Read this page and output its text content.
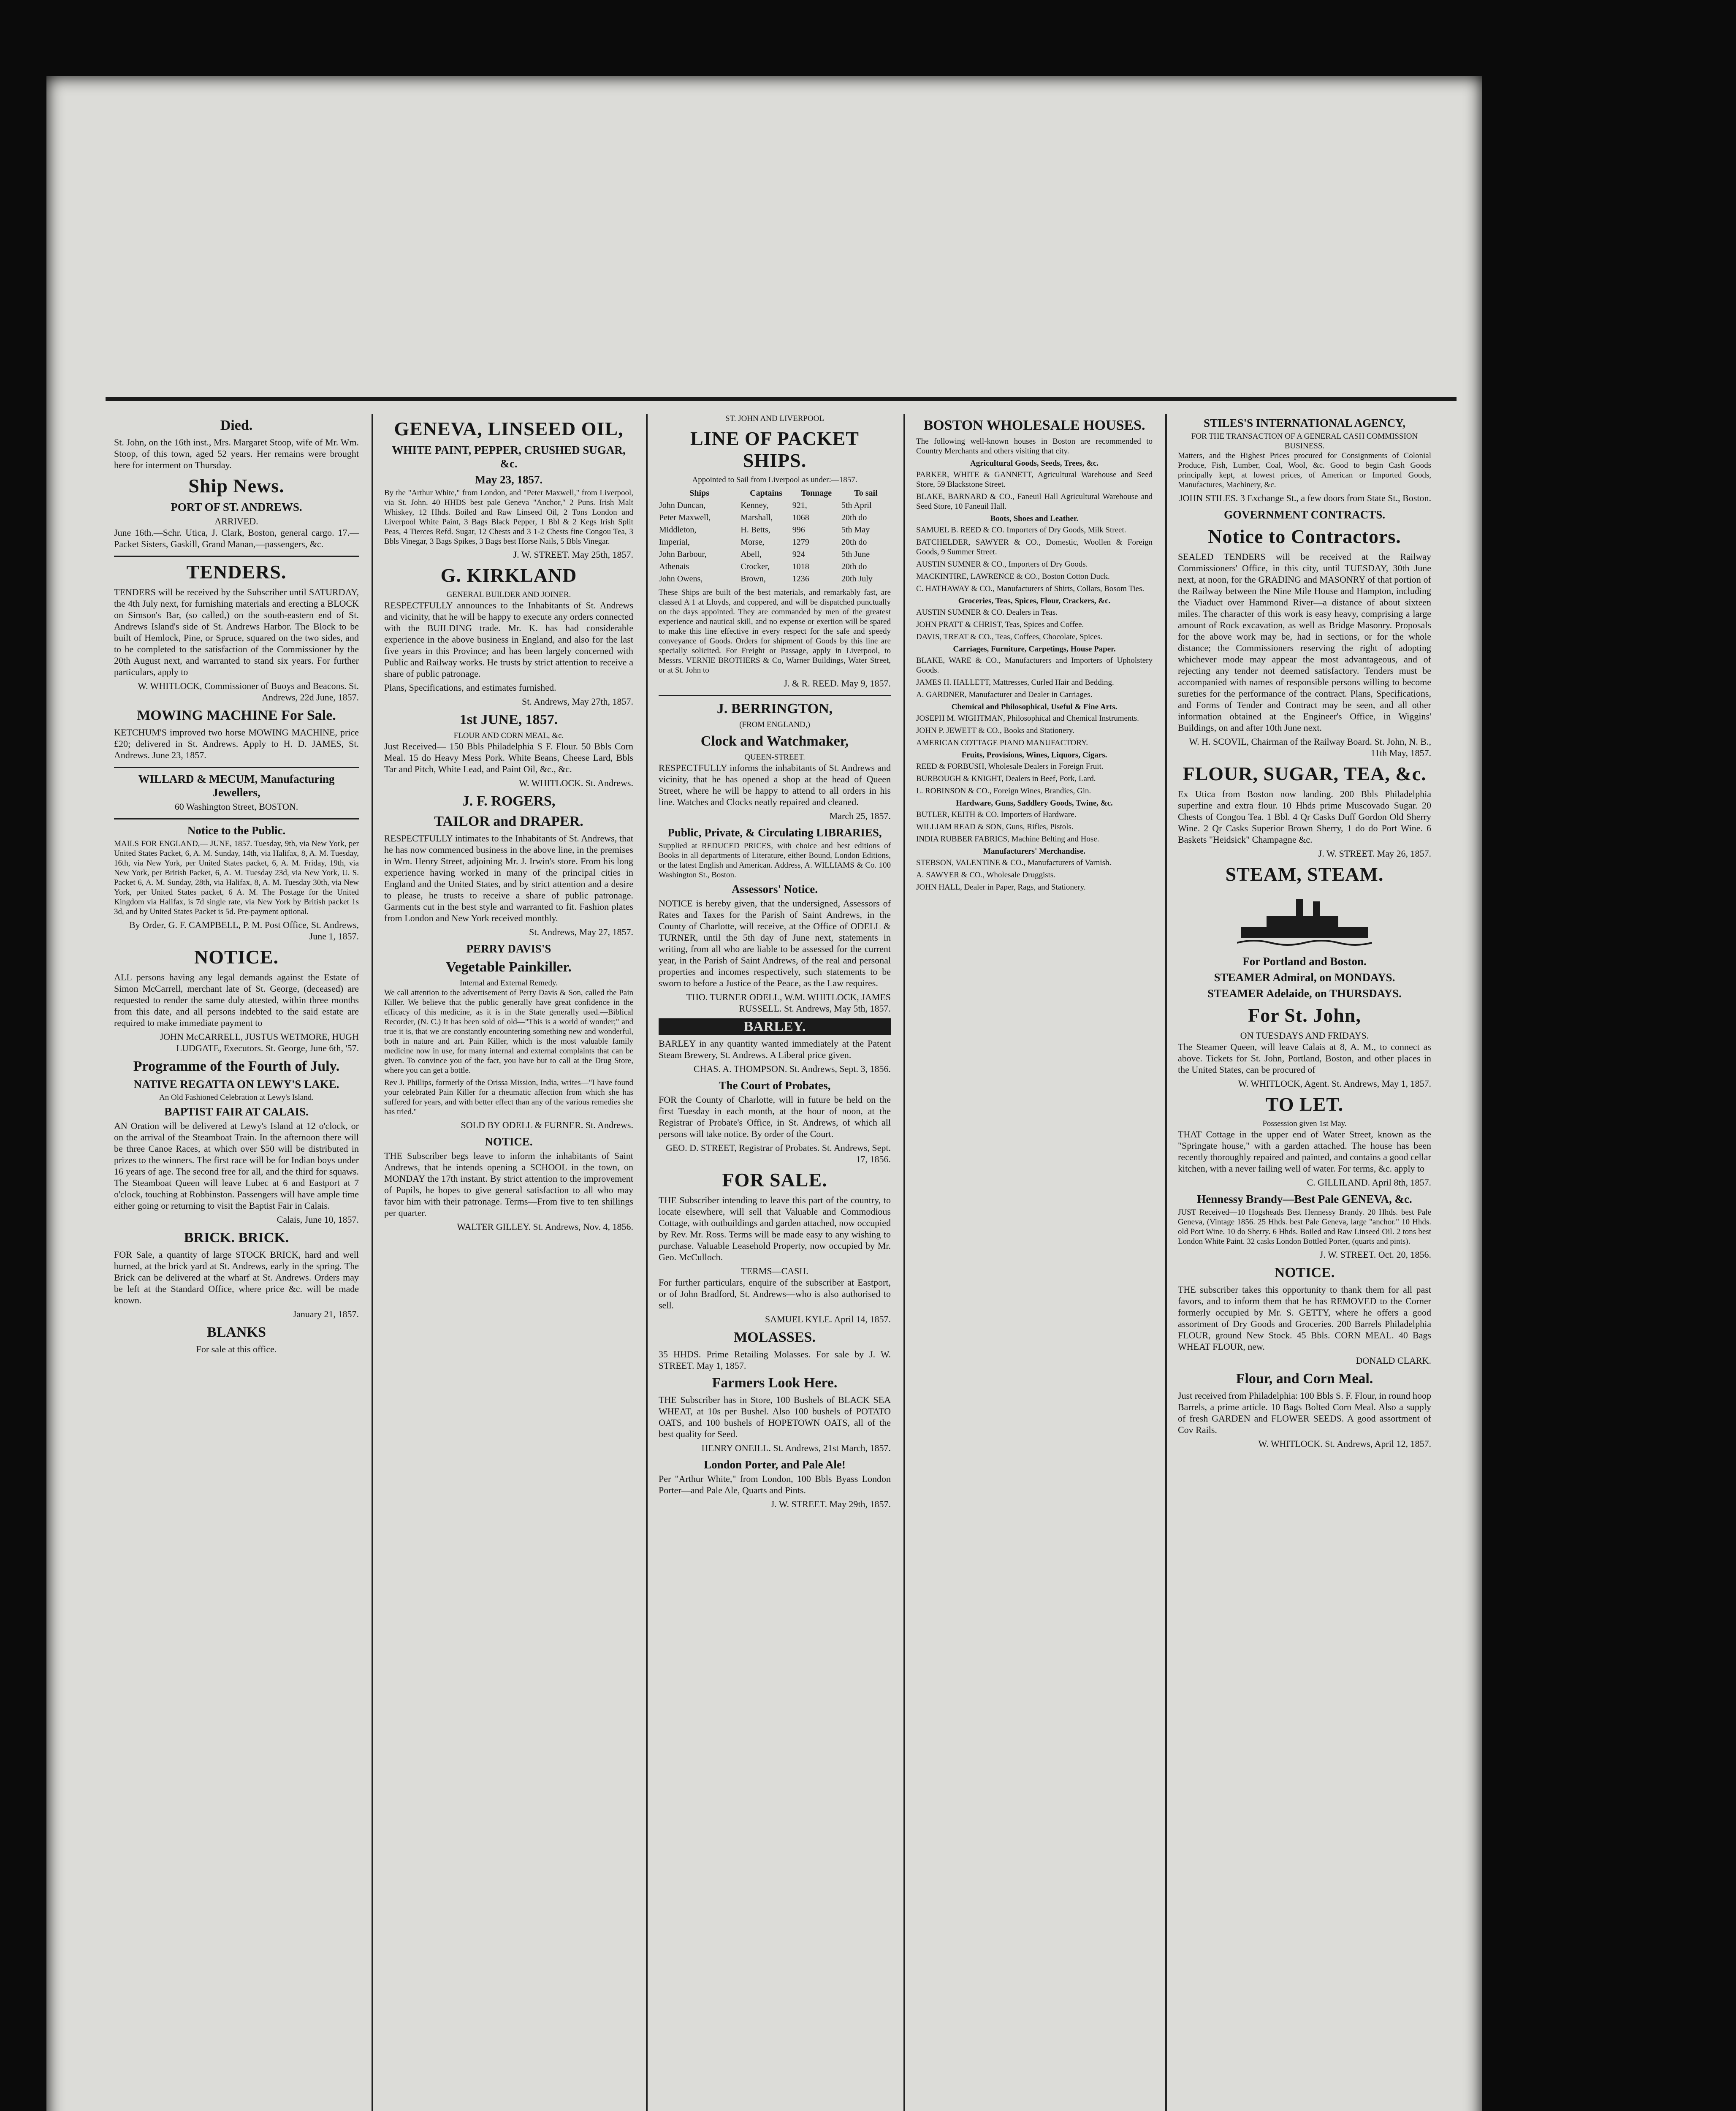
Died.

St. John, on the 16th inst., Mrs. Margaret Stoop, wife of Mr. Wm. Stoop, of this town, aged 52 years. Her remains were brought here for interment on Thursday.

Ship News.
PORT OF ST. ANDREWS.
ARRIVED.

June 16th.—Schr. Utica, J. Clark, Boston, general cargo. 17.—Packet Sisters, Gaskill, Grand Manan,—passengers, &c.

TENDERS.

TENDERS will be received by the Subscriber until SATURDAY, the 4th July next, for furnishing materials and erecting a BLOCK on Simson's Bar, (so called,) on the south-eastern end of St. Andrews Island's side of St. Andrews Harbor. The Block to be built of Hemlock, Pine, or Spruce, squared on the two sides, and to be completed to the satisfaction of the Commissioner by the 20th August next, and warranted to stand six years. For further particulars, apply to

W. WHITLOCK, Commissioner of Buoys and Beacons. St. Andrews, 22d June, 1857.
MOWING MACHINE For Sale.

KETCHUM'S improved two horse MOWING MACHINE, price £20; delivered in St. Andrews. Apply to H. D. JAMES, St. Andrews. June 23, 1857.

WILLARD & MECUM, Manufacturing Jewellers,
60 Washington Street, BOSTON.
Notice to the Public.

MAILS FOR ENGLAND,— JUNE, 1857. Tuesday, 9th, via New York, per United States Packet, 6, A. M. Sunday, 14th, via Halifax, 8, A. M. Tuesday, 16th, via New York, per United States packet, 6, A. M. Friday, 19th, via New York, per British Packet, 6, A. M. Tuesday 23d, via New York, U. S. Packet 6, A. M. Sunday, 28th, via Halifax, 8, A. M. Tuesday 30th, via New York, per United States packet, 6 A. M. The Postage for the United Kingdom via Halifax, is 7d single rate, via New York by British packet 1s 3d, and by United States Packet is 5d. Pre-payment optional.

By Order, G. F. CAMPBELL, P. M. Post Office, St. Andrews, June 1, 1857.
NOTICE.

ALL persons having any legal demands against the Estate of Simon McCarrell, merchant late of St. George, (deceased) are requested to render the same duly attested, within three months from this date, and all persons indebted to the said estate are required to make immediate payment to

JOHN McCARRELL, JUSTUS WETMORE, HUGH LUDGATE, Executors. St. George, June 6th, '57.
Programme of the Fourth of July.
NATIVE REGATTA ON LEWY'S LAKE.
An Old Fashioned Celebration at Lewy's Island.
BAPTIST FAIR AT CALAIS.

AN Oration will be delivered at Lewy's Island at 12 o'clock, or on the arrival of the Steamboat Train. In the afternoon there will be three Canoe Races, at which over $50 will be distributed in prizes to the winners. The first race will be for Indian boys under 16 years of age. The second free for all, and the third for squaws. The Steamboat Queen will leave Lubec at 6 and Eastport at 7 o'clock, touching at Robbinston. Passengers will have ample time either going or returning to visit the Baptist Fair in Calais.

Calais, June 10, 1857.
BRICK. BRICK.

FOR Sale, a quantity of large STOCK BRICK, hard and well burned, at the brick yard at St. Andrews, early in the spring. The Brick can be delivered at the wharf at St. Andrews. Orders may be left at the Standard Office, where price &c. will be made known.

January 21, 1857.
BLANKS
For sale at this office.
GENEVA, LINSEED OIL,
WHITE PAINT, PEPPER, CRUSHED SUGAR, &c.
May 23, 1857.

By the "Arthur White," from London, and "Peter Maxwell," from Liverpool, via St. John. 40 HHDS best pale Geneva "Anchor," 2 Puns. Irish Malt Whiskey, 12 Hhds. Boiled and Raw Linseed Oil, 2 Tons London and Liverpool White Paint, 3 Bags Black Pepper, 1 Bbl & 2 Kegs Irish Split Peas, 4 Tierces Refd. Sugar, 12 Chests and 3 1-2 Chests fine Congou Tea, 3 Bbls Vinegar, 3 Bags Spikes, 3 Bags best Horse Nails, 5 Bbls Vinegar.

J. W. STREET. May 25th, 1857.
G. KIRKLAND
GENERAL BUILDER AND JOINER.

RESPECTFULLY announces to the Inhabitants of St. Andrews and vicinity, that he will be happy to execute any orders connected with the BUILDING trade. Mr. K. has had considerable experience in the above business in England, and also for the last five years in this Province; and has been largely concerned with Public and Railway works. He trusts by strict attention to receive a share of public patronage.

Plans, Specifications, and estimates furnished.

St. Andrews, May 27th, 1857.
1st JUNE, 1857.
FLOUR AND CORN MEAL, &c.

Just Received— 150 Bbls Philadelphia S F. Flour. 50 Bbls Corn Meal. 15 do Heavy Mess Pork. White Beans, Cheese Lard, Bbls Tar and Pitch, White Lead, and Paint Oil, &c., &c.

W. WHITLOCK. St. Andrews.
J. F. ROGERS,
TAILOR and DRAPER.

RESPECTFULLY intimates to the Inhabitants of St. Andrews, that he has now commenced business in the above line, in the premises in Wm. Henry Street, adjoining Mr. J. Irwin's store. From his long experience having worked in many of the principal cities in England and the United States, and by strict attention and a desire to please, he trusts to receive a share of public patronage. Garments cut in the best style and warranted to fit. Fashion plates from London and New York received monthly.

St. Andrews, May 27, 1857.
PERRY DAVIS'S
Vegetable Painkiller.
Internal and External Remedy.

We call attention to the advertisement of Perry Davis & Son, called the Pain Killer. We believe that the public generally have great confidence in the efficacy of this medicine, as it is in the State generally used.—Biblical Recorder, (N. C.) It has been sold of old—"This is a world of wonder;" and true it is, that we are constantly encountering something new and wonderful, both in nature and art. Pain Killer, which is the most valuable family medicine now in use, for many internal and external complaints that can be given. To convince you of the fact, you have but to call at the Drug Store, where you can get a bottle.

Rev J. Phillips, formerly of the Orissa Mission, India, writes—"I have found your celebrated Pain Killer for a rheumatic affection from which she has suffered for years, and with better effect than any of the various remedies she has tried."

SOLD BY ODELL & FURNER. St. Andrews.
NOTICE.

THE Subscriber begs leave to inform the inhabitants of Saint Andrews, that he intends opening a SCHOOL in the town, on MONDAY the 17th instant. By strict attention to the improvement of Pupils, he hopes to give general satisfaction to all who may favor him with their patronage. Terms—From five to ten shillings per quarter.

WALTER GILLEY. St. Andrews, Nov. 4, 1856.
ST. JOHN AND LIVERPOOL
LINE OF PACKET SHIPS.
Appointed to Sail from Liverpool as under:—1857.
Ships	Captains	Tonnage	To sail
John Duncan,	Kenney,	921,	5th April
Peter Maxwell,	Marshall,	1068	20th do
Middleton,	H. Betts,	996	5th May
Imperial,	Morse,	1279	20th do
John Barbour,	Abell,	924	5th June
Athenais	Crocker,	1018	20th do
John Owens,	Brown,	1236	20th July

These Ships are built of the best materials, and remarkably fast, are classed A 1 at Lloyds, and coppered, and will be dispatched punctually on the days appointed. They are commanded by men of the greatest experience and nautical skill, and no expense or exertion will be spared to make this line effective in every respect for the safe and speedy conveyance of Goods. Orders for shipment of Goods by this line are specially solicited. For Freight or Passage, apply in Liverpool, to Messrs. VERNIE BROTHERS & Co, Warner Buildings, Water Street, or at St. John to

J. & R. REED. May 9, 1857.
J. BERRINGTON,
(FROM ENGLAND,)
Clock and Watchmaker,
QUEEN-STREET.

RESPECTFULLY informs the inhabitants of St. Andrews and vicinity, that he has opened a shop at the head of Queen Street, where he will be happy to attend to all orders in his line. Watches and Clocks neatly repaired and cleaned.

March 25, 1857.
Public, Private, & Circulating LIBRARIES,

Supplied at REDUCED PRICES, with choice and best editions of Books in all departments of Literature, either Bound, London Editions, or the latest English and American. Address, A. WILLIAMS & Co. 100 Washington St., Boston.

Assessors' Notice.

NOTICE is hereby given, that the undersigned, Assessors of Rates and Taxes for the Parish of Saint Andrews, in the County of Charlotte, will receive, at the Office of ODELL & TURNER, until the 5th day of June next, statements in writing, from all who are liable to be assessed for the current year, in the Parish of Saint Andrews, of the real and personal properties and incomes respectively, such statements to be sworn to before a Justice of the Peace, as the Law requires.

THO. TURNER ODELL, W.M. WHITLOCK, JAMES RUSSELL. St. Andrews, May 5th, 1857.
BARLEY.

BARLEY in any quantity wanted immediately at the Patent Steam Brewery, St. Andrews. A Liberal price given.

CHAS. A. THOMPSON. St. Andrews, Sept. 3, 1856.
The Court of Probates,

FOR the County of Charlotte, will in future be held on the first Tuesday in each month, at the hour of noon, at the Registrar of Probate's Office, in St. Andrews, of which all persons will take notice. By order of the Court.

GEO. D. STREET, Registrar of Probates. St. Andrews, Sept. 17, 1856.
FOR SALE.

THE Subscriber intending to leave this part of the country, to locate elsewhere, will sell that Valuable and Commodious Cottage, with outbuildings and garden attached, now occupied by Rev. Mr. Ross. Terms will be made easy to any wishing to purchase. Valuable Leasehold Property, now occupied by Mr. Geo. McCulloch.

TERMS—CASH.

For further particulars, enquire of the subscriber at Eastport, or of John Bradford, St. Andrews—who is also authorised to sell.

SAMUEL KYLE. April 14, 1857.
MOLASSES.

35 HHDS. Prime Retailing Molasses. For sale by J. W. STREET. May 1, 1857.

Farmers Look Here.

THE Subscriber has in Store, 100 Bushels of BLACK SEA WHEAT, at 10s per Bushel. Also 100 bushels of POTATO OATS, and 100 bushels of HOPETOWN OATS, all of the best quality for Seed.

HENRY ONEILL. St. Andrews, 21st March, 1857.
London Porter, and Pale Ale!

Per "Arthur White," from London, 100 Bbls Byass London Porter—and Pale Ale, Quarts and Pints.

J. W. STREET. May 29th, 1857.
BOSTON WHOLESALE HOUSES.

The following well-known houses in Boston are recommended to Country Merchants and others visiting that city.

Agricultural Goods, Seeds, Trees, &c.

PARKER, WHITE & GANNETT, Agricultural Warehouse and Seed Store, 59 Blackstone Street.

BLAKE, BARNARD & CO., Faneuil Hall Agricultural Warehouse and Seed Store, 10 Faneuil Hall.

Boots, Shoes and Leather.

SAMUEL B. REED & CO. Importers of Dry Goods, Milk Street.

BATCHELDER, SAWYER & CO., Domestic, Woollen & Foreign Goods, 9 Summer Street.

AUSTIN SUMNER & CO., Importers of Dry Goods.

MACKINTIRE, LAWRENCE & CO., Boston Cotton Duck.

C. HATHAWAY & CO., Manufacturers of Shirts, Collars, Bosom Ties.

Groceries, Teas, Spices, Flour, Crackers, &c.

AUSTIN SUMNER & CO. Dealers in Teas.

JOHN PRATT & CHRIST, Teas, Spices and Coffee.

DAVIS, TREAT & CO., Teas, Coffees, Chocolate, Spices.

Carriages, Furniture, Carpetings, House Paper.

BLAKE, WARE & CO., Manufacturers and Importers of Upholstery Goods.

JAMES H. HALLETT, Mattresses, Curled Hair and Bedding.

A. GARDNER, Manufacturer and Dealer in Carriages.

Chemical and Philosophical, Useful & Fine Arts.

JOSEPH M. WIGHTMAN, Philosophical and Chemical Instruments.

JOHN P. JEWETT & CO., Books and Stationery.

AMERICAN COTTAGE PIANO MANUFACTORY.

Fruits, Provisions, Wines, Liquors, Cigars.

REED & FORBUSH, Wholesale Dealers in Foreign Fruit.

BURBOUGH & KNIGHT, Dealers in Beef, Pork, Lard.

L. ROBINSON & CO., Foreign Wines, Brandies, Gin.

Hardware, Guns, Saddlery Goods, Twine, &c.

BUTLER, KEITH & CO. Importers of Hardware.

WILLIAM READ & SON, Guns, Rifles, Pistols.

INDIA RUBBER FABRICS, Machine Belting and Hose.

Manufacturers' Merchandise.

STEBSON, VALENTINE & CO., Manufacturers of Varnish.

A. SAWYER & CO., Wholesale Druggists.

JOHN HALL, Dealer in Paper, Rags, and Stationery.

STILES'S INTERNATIONAL AGENCY,
FOR THE TRANSACTION OF A GENERAL CASH COMMISSION BUSINESS.

Matters, and the Highest Prices procured for Consignments of Colonial Produce, Fish, Lumber, Coal, Wool, &c. Good to begin Cash Goods principally kept, at lowest prices, of American or Imported Goods, Manufactures, Machinery, &c.

JOHN STILES. 3 Exchange St., a few doors from State St., Boston.
GOVERNMENT CONTRACTS.
Notice to Contractors.

SEALED TENDERS will be received at the Railway Commissioners' Office, in this city, until TUESDAY, 30th June next, at noon, for the GRADING and MASONRY of that portion of the Railway between the Nine Mile House and Hampton, including the Viaduct over Hammond River—a distance of about sixteen miles. The character of this work is easy heavy, comprising a large amount of Rock excavation, as well as Bridge Masonry. Proposals for the above work may be, had in sections, or for the whole distance; the Commissioners reserving the right of adopting whichever mode may appear the most advantageous, and of rejecting any tender not deemed satisfactory. Tenders must be accompanied with names of responsible persons willing to become sureties for the performance of the contract. Plans, Specifications, and Forms of Tender and Contract may be seen, and all other information obtained at the Engineer's Office, in Wiggins' Buildings, on and after 10th June next.

W. H. SCOVIL, Chairman of the Railway Board. St. John, N. B., 11th May, 1857.
FLOUR, SUGAR, TEA, &c.

Ex Utica from Boston now landing. 200 Bbls Philadelphia superfine and extra flour. 10 Hhds prime Muscovado Sugar. 20 Chests of Congou Tea. 1 Bbl. 4 Qr Casks Duff Gordon Old Sherry Wine. 2 Qr Casks Superior Brown Sherry, 1 do do Port Wine. 6 Baskets "Heidsick" Champagne &c.

J. W. STREET. May 26, 1857.
STEAM, STEAM.
For Portland and Boston.
STEAMER Admiral, on MONDAYS.
STEAMER Adelaide, on THURSDAYS.
For St. John,
ON TUESDAYS AND FRIDAYS.

The Steamer Queen, will leave Calais at 8, A. M., to connect as above. Tickets for St. John, Portland, Boston, and other places in the United States, can be procured of

W. WHITLOCK, Agent. St. Andrews, May 1, 1857.
TO LET.
Possession given 1st May.

THAT Cottage in the upper end of Water Street, known as the "Springate house," with a garden attached. The house has been recently thoroughly repaired and painted, and contains a good cellar kitchen, with a never failing well of water. For terms, &c. apply to

C. GILLILAND. April 8th, 1857.
Hennessy Brandy—Best Pale GENEVA, &c.

JUST Received—10 Hogsheads Best Hennessy Brandy. 20 Hhds. best Pale Geneva, (Vintage 1856. 25 Hhds. best Pale Geneva, large "anchor." 10 Hhds. old Port Wine. 10 do Sherry. 6 Hhds. Boiled and Raw Linseed Oil. 2 tons best London White Paint. 32 casks London Bottled Porter, (quarts and pints).

J. W. STREET. Oct. 20, 1856.
NOTICE.

THE subscriber takes this opportunity to thank them for all past favors, and to inform them that he has REMOVED to the Corner formerly occupied by Mr. S. GETTY, where he offers a good assortment of Dry Goods and Groceries. 200 Barrels Philadelphia FLOUR, ground New Stock. 45 Bbls. CORN MEAL. 40 Bags WHEAT FLOUR, new.

DONALD CLARK.
Flour, and Corn Meal.

Just received from Philadelphia: 100 Bbls S. F. Flour, in round hoop Barrels, a prime article. 10 Bags Bolted Corn Meal. Also a supply of fresh GARDEN and FLOWER SEEDS. A good assortment of Cov Rails.

W. WHITLOCK. St. Andrews, April 12, 1857.
